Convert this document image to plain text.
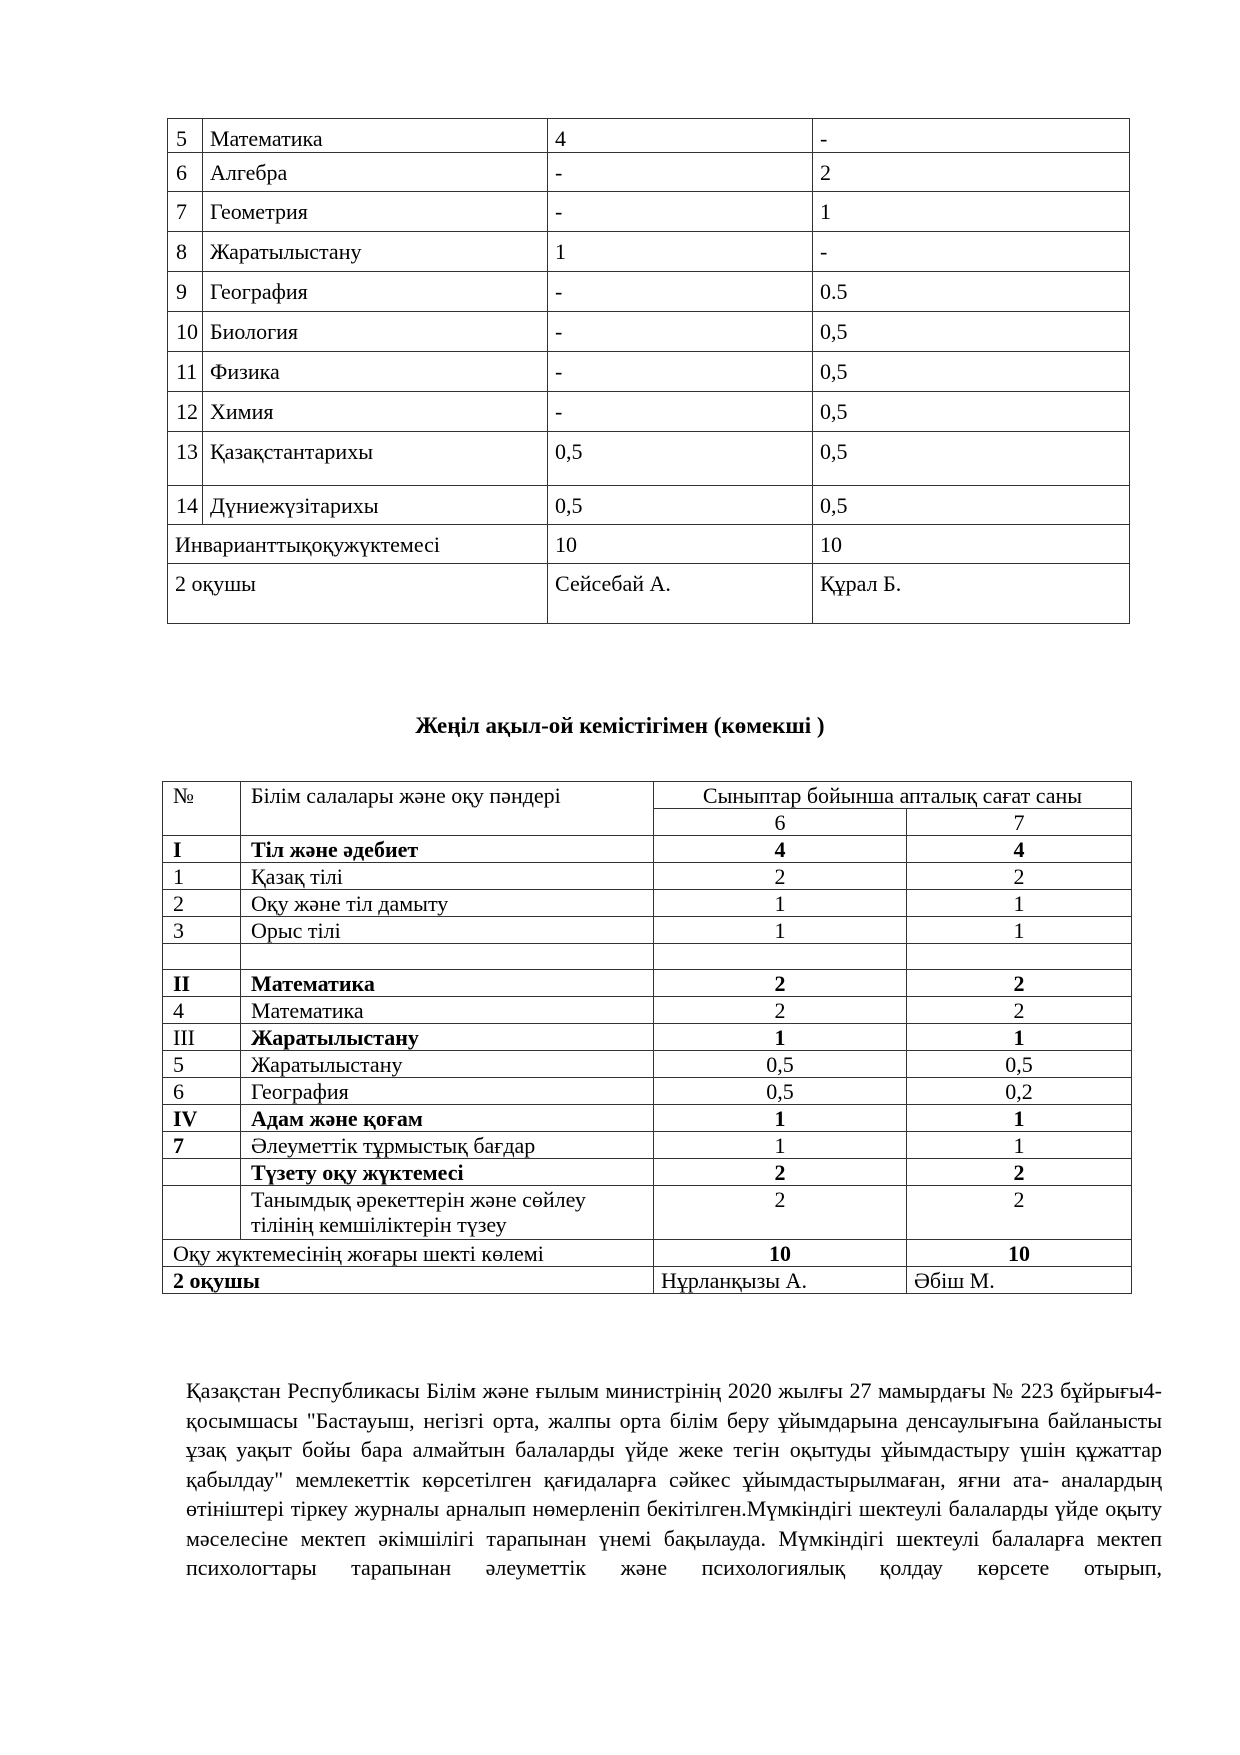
5	Математика	4	-
6	Алгебра	-	2
7	Геометрия	-	1
8	Жаратылыстану	1	-
9	География	-	0.5
10	Биология	-	0,5
11	Физика	-	0,5
12	Химия	-	0,5
13	Қазақстантарихы	0,5	0,5
14	Дүниежүзітарихы	0,5	0,5
Инварианттықоқужүктемесі		10	10
2 оқушы		Сейсебай А.	Құрал Б.
Жеңіл ақыл-ой кемістігімен (көмекші )
№	Білім салалары және оқу пәндері	Сыныптар бойынша апталық сағат саны	
		6	7
I	Тіл және әдебиет	4	4
1	Қазақ тілі	2	2
2	Оқу және тіл дамыту	1	1
3	Орыс тілі	1	1

II	Математика	2	2
4	Математика	2	2
III	Жаратылыстану	1	1
5	Жаратылыстану	0,5	0,5
6	География	0,5	0,2
IV	Адам және қоғам	1	1
7	Әлеуметтік тұрмыстық бағдар	1	1
	Түзету оқу жүктемесі	2	2
	Танымдық әрекеттерін және сөйлеу тілінің кемшіліктерін түзеу	2	2
Оқу жүктемесінің жоғары шекті көлемі		10	10
2 оқушы		Нұрланқызы А.	Әбіш М.
Қазақстан Республикасы Білім және ғылым министрінің 2020 жылғы 27 мамырдағы № 223 бұйрығы4-қосымшасы "Бастауыш, негізгі орта, жалпы орта білім беру ұйымдарына денсаулығына байланысты ұзақ уақыт бойы бара алмайтын балаларды үйде жеке тегін оқытуды ұйымдастыру үшін құжаттар қабылдау" мемлекеттік көрсетілген қағидаларға сәйкес ұйымдастырылмаған, яғни ата- аналардың өтініштері тіркеу журналы арналып нөмерленіп бекітілген.Мүмкіндігі шектеулі балаларды үйде оқыту мәселесіне мектеп әкімшілігі тарапынан үнемі бақылауда. Мүмкіндігі шектеулі балаларға мектеп психологтары тарапынан әлеуметтік және психологиялық қолдау көрсете отырып,
